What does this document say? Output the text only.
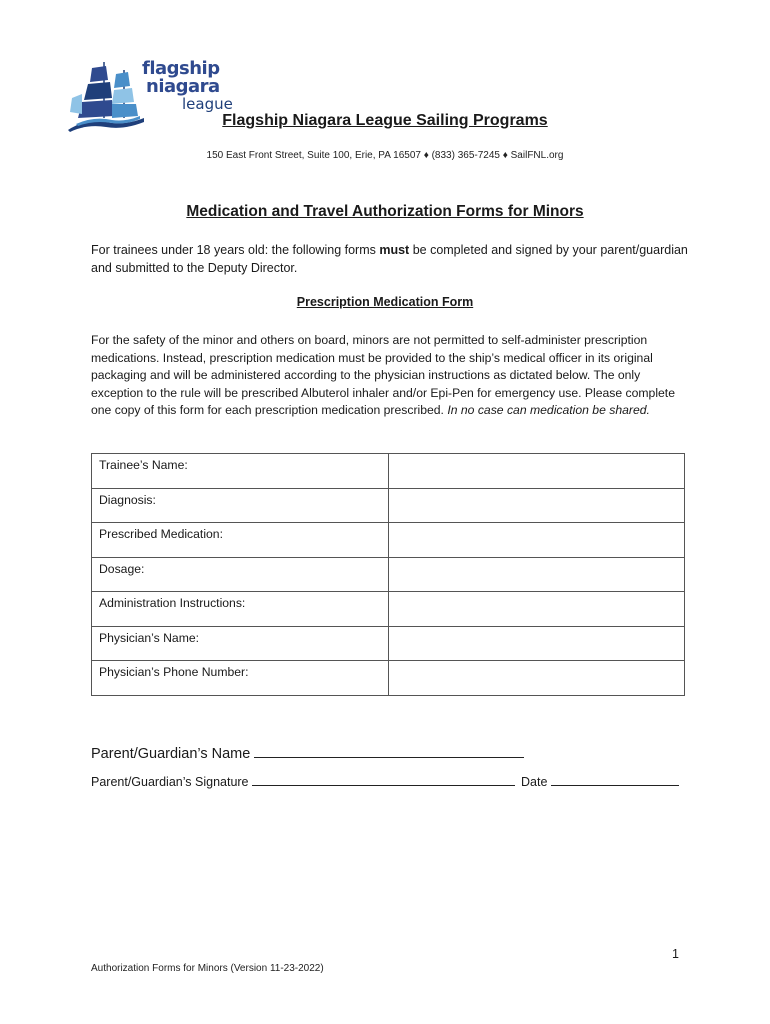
flagship
niagara
league
Flagship Niagara League Sailing Programs
150 East Front Street, Suite 100, Erie, PA 16507 ♦ (833) 365-7245 ♦ SailFNL.org
Medication and Travel Authorization Forms for Minors
For trainees under 18 years old: the following forms must be completed and signed by your parent/guardian and submitted to the Deputy Director.
Prescription Medication Form
For the safety of the minor and others on board, minors are not permitted to self-administer prescription medications. Instead, prescription medication must be provided to the ship’s medical officer in its original packaging and will be administered according to the physician instructions as dictated below. The only exception to the rule will be prescribed Albuterol inhaler and/or Epi-Pen for emergency use. Please complete one copy of this form for each prescription medication prescribed. In no case can medication be shared.
Trainee’s Name:	
Diagnosis:	
Prescribed Medication:	
Dosage:	
Administration Instructions:	
Physician’s Name:	
Physician’s Phone Number:	
Parent/Guardian’s Name
Parent/Guardian’s Signature	Date
1
Authorization Forms for Minors (Version 11-23-2022)
